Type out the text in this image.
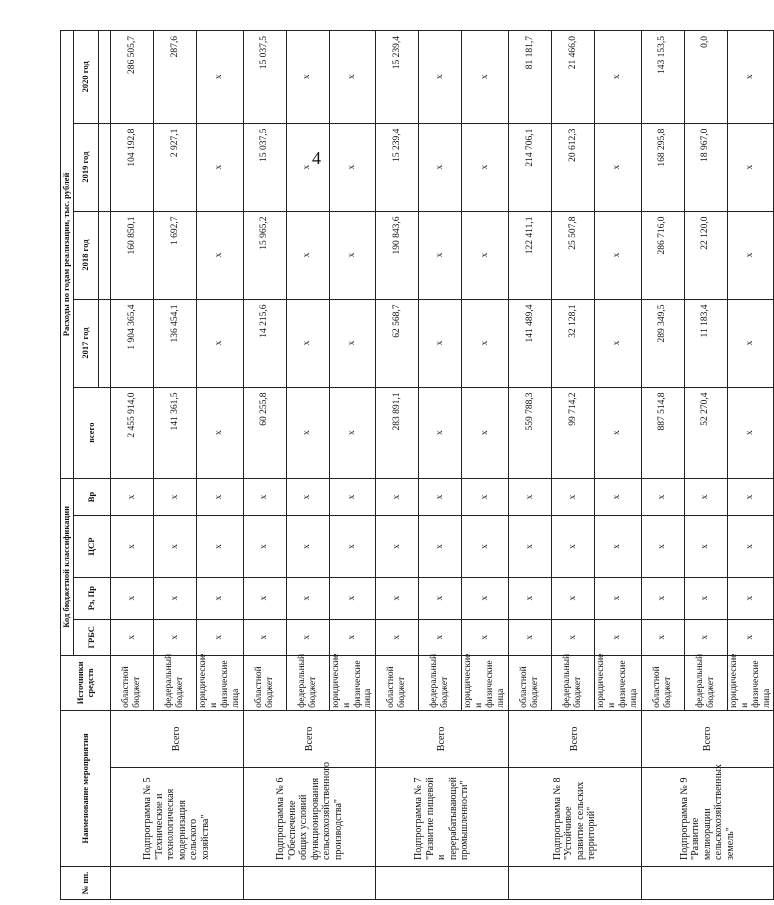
4
№ пп.	Наименование мероприятия		Источники средств	Код бюджетной классификации				Расходы по годам реализации, тыс. рублей				
				ГРБС	Рз, Пр	ЦСР	Вр	всего	2017 год	2018 год	2019 год	2020 год

	Подпрограмма № 5 "Технические и технологическая модернизация сельского хозяйства"	Всего	областной бюджет	x	x	x	x	2 455 914,0	1 904 365,4	160 850,1	104 192,8	286 505,7
			федеральный бюджет	x	x	x	x	141 361,5	136 454,1	1 692,7	2 927,1	287,6
			юридические и физические лица	x	x	x	x	x	x	x	x	x
	Подпрограмма № 6 "Обеспечение общих условий функционирования сельскохозяйственного производства"	Всего	областной бюджет	x	x	x	x	60 255,8	14 215,6	15 965,2	15 037,5	15 037,5
			федеральный бюджет	x	x	x	x	x	x	x	x	x
			юридические и физические лица	x	x	x	x	x	x	x	x	x
	Подпрограмма № 7 "Развитие пищевой и перерабатывающей промышленности"	Всего	областной бюджет	x	x	x	x	283 891,1	62 568,7	190 843,6	15 239,4	15 239,4
			федеральный бюджет	x	x	x	x	x	x	x	x	x
			юридические и физические лица	x	x	x	x	x	x	x	x	x
	Подпрограмма № 8 "Устойчивое развитие сельских территорий"	Всего	областной бюджет	x	x	x	x	559 788,3	141 489,4	122 411,1	214 706,1	81 181,7
			федеральный бюджет	x	x	x	x	99 714,2	32 128,1	25 507,8	20 612,3	21 466,0
			юридические и физические лица	x	x	x	x	x	x	x	x	x
	Подпрограмма № 9 "Развитие мелиорации сельскохозяйственных земель"	Всего	областной бюджет	x	x	x	x	887 514,8	289 349,5	286 716,0	168 295,8	143 153,5
			федеральный бюджет	x	x	x	x	52 270,4	11 183,4	22 120,0	18 967,0	0,0
			юридические и физические лица	x	x	x	x	x	x	x	x	x
